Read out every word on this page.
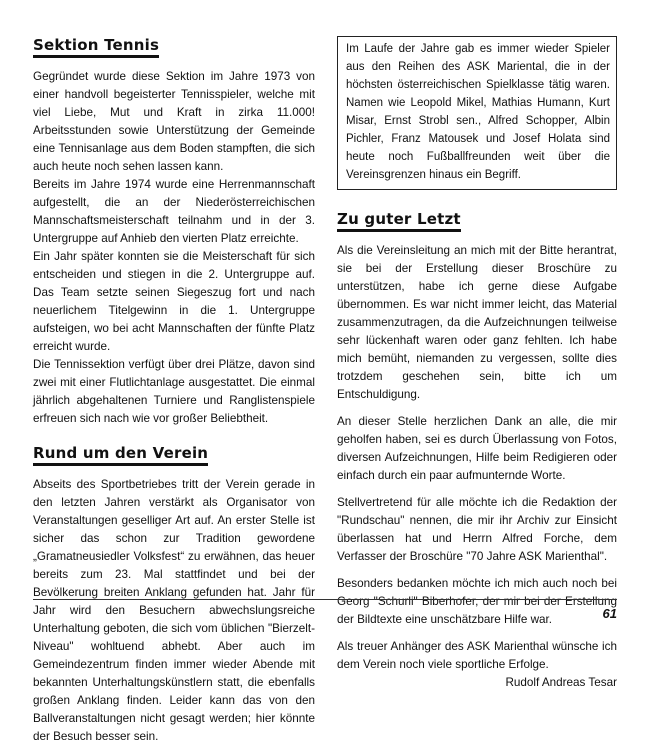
Sektion Tennis

Gegründet wurde diese Sektion im Jahre 1973 von einer handvoll begeisterter Tennisspieler, welche mit viel Liebe, Mut und Kraft in zirka 11.000! Arbeitsstunden sowie Unterstützung der Gemeinde eine Tennisanlage aus dem Boden stampften, die sich auch heute noch sehen lassen kann.

Bereits im Jahre 1974 wurde eine Herrenmannschaft aufgestellt, die an der Niederösterreichischen Mannschaftsmeisterschaft teilnahm und in der 3. Untergruppe auf Anhieb den vierten Platz erreichte.

Ein Jahr später konnten sie die Meisterschaft für sich entscheiden und stiegen in die 2. Untergruppe auf. Das Team setzte seinen Siegeszug fort und nach neuerlichem Titelgewinn in die 1. Untergruppe aufsteigen, wo bei acht Mannschaften der fünfte Platz erreicht wurde.

Die Tennissektion verfügt über drei Plätze, davon sind zwei mit einer Flutlichtanlage ausgestattet. Die einmal jährlich abgehaltenen Turniere und Ranglistenspiele erfreuen sich nach wie vor großer Beliebtheit.

Rund um den Verein

Abseits des Sportbetriebes tritt der Verein gerade in den letzten Jahren verstärkt als Organisator von Veranstaltungen geselliger Art auf. An erster Stelle ist sicher das schon zur Tradition gewordene „Gramatneusiedler Volksfest“ zu erwähnen, das heuer bereits zum 23. Mal stattfindet und bei der Bevölkerung breiten Anklang gefunden hat. Jahr für Jahr wird den Besuchern abwechslungsreiche Unterhaltung geboten, die sich vom üblichen "Bierzelt-Niveau" wohltuend abhebt. Aber auch im Gemeindezentrum finden immer wieder Abende mit bekannten Unterhaltungskünstlern statt, die ebenfalls großen Anklang finden. Leider kann das von den Ballveranstaltungen nicht gesagt werden; hier könnte der Besuch besser sein.

Im Laufe der Jahre gab es immer wieder Spieler aus den Reihen des ASK Mariental, die in der höchsten österreichischen Spielklasse tätig waren. Namen wie Leopold Mikel, Mathias Humann, Kurt Misar, Ernst Strobl sen., Alfred Schopper, Albin Pichler, Franz Matousek und Josef Holata sind heute noch Fußballfreunden weit über die Vereinsgrenzen hinaus ein Begriff.

Zu guter Letzt

Als die Vereinsleitung an mich mit der Bitte herantrat, sie bei der Erstellung dieser Broschüre zu unterstützen, habe ich gerne diese Aufgabe übernommen. Es war nicht immer leicht, das Material zusammenzutragen, da die Aufzeichnungen teilweise sehr lückenhaft waren oder ganz fehlten. Ich habe mich bemüht, niemanden zu vergessen, sollte dies trotzdem geschehen sein, bitte ich um Entschuldigung.

An dieser Stelle herzlichen Dank an alle, die mir geholfen haben, sei es durch Überlassung von Fotos, diversen Aufzeichnungen, Hilfe beim Redigieren oder einfach durch ein paar aufmunternde Worte.

Stellvertretend für alle möchte ich die Redaktion der "Rundschau" nennen, die mir ihr Archiv zur Einsicht überlassen hat und Herrn Alfred Forche, dem Verfasser der Broschüre "70 Jahre ASK Marienthal".

Besonders bedanken möchte ich mich auch noch bei Georg "Schurli" Biberhofer, der mir bei der Erstellung der Bildtexte eine unschätzbare Hilfe war.

Als treuer Anhänger des ASK Marienthal wünsche ich dem Verein noch viele sportliche Erfolge.

Rudolf Andreas Tesar
61
